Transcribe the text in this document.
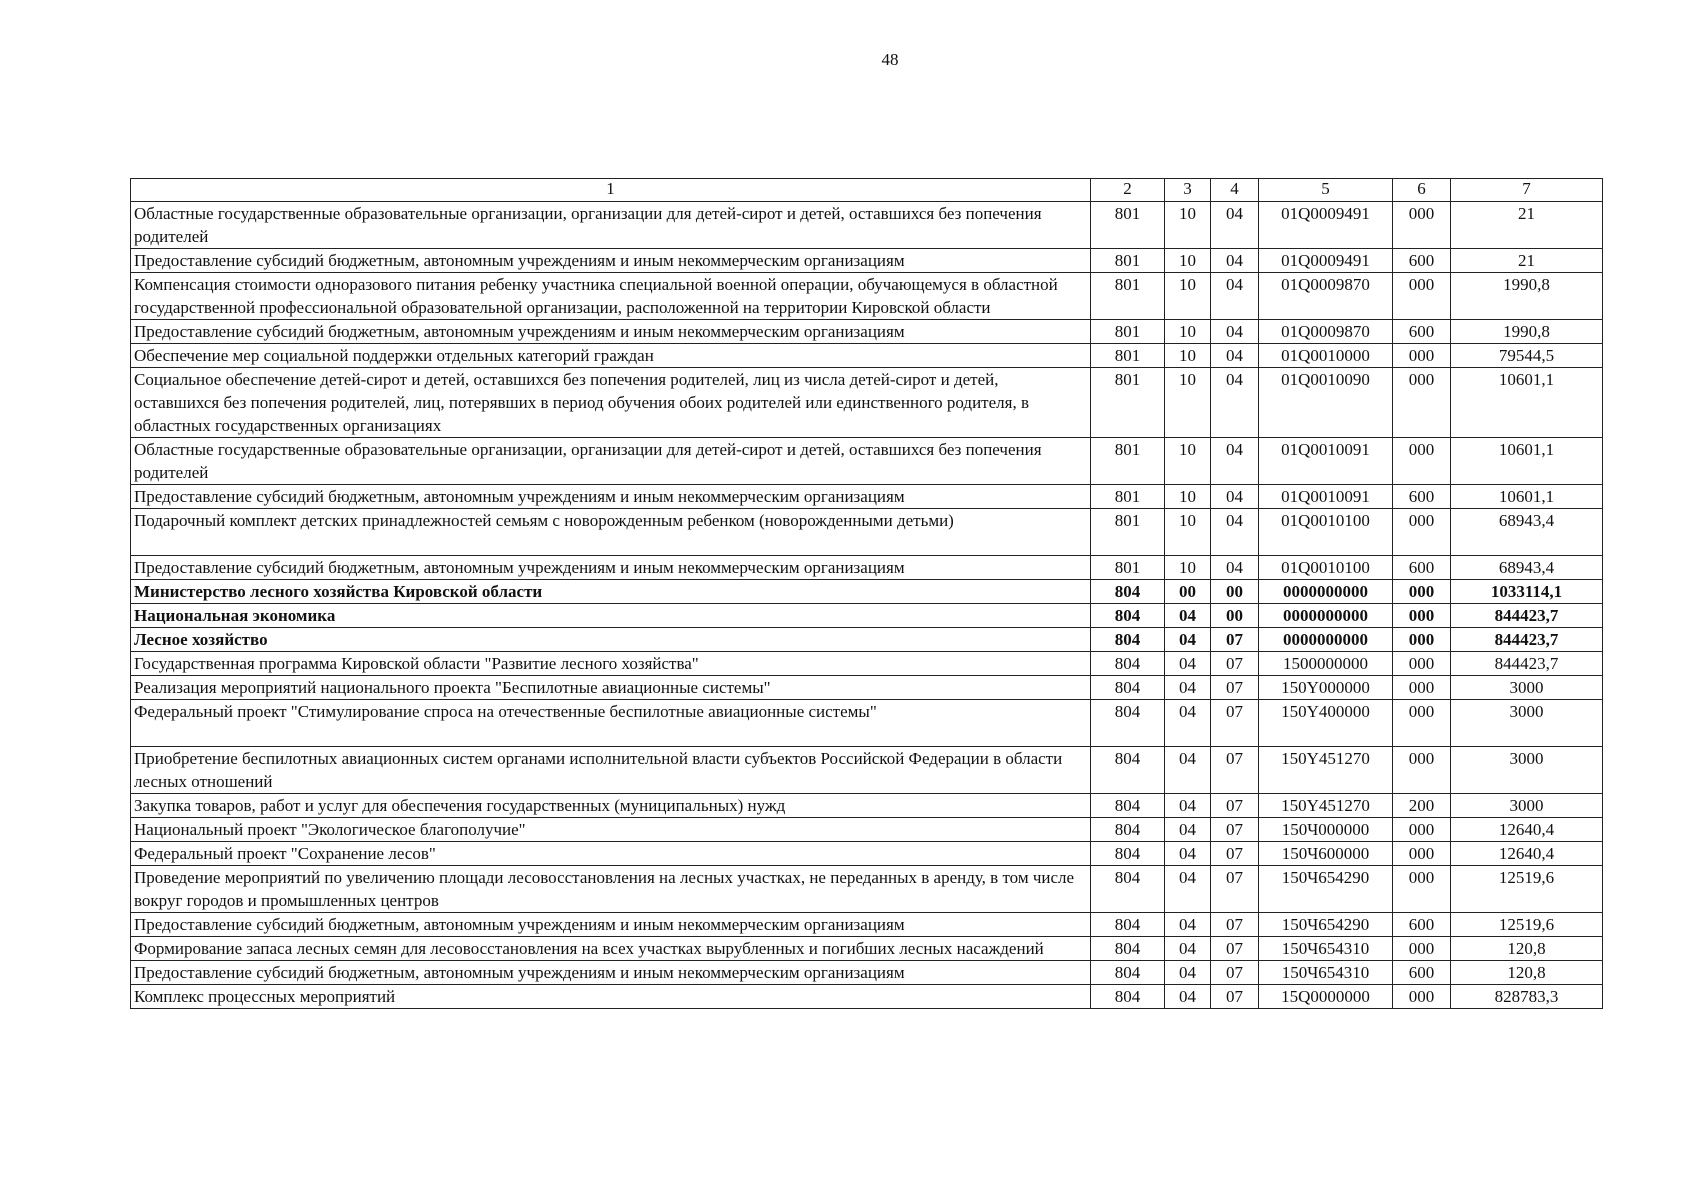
48
1	2	3	4	5	6	7
Областные государственные образовательные организации, организации для детей-сирот и детей, оставшихся без попечения родителей	801	10	04	01Q0009491	000	21
Предоставление субсидий бюджетным, автономным учреждениям и иным некоммерческим организациям	801	10	04	01Q0009491	600	21
Компенсация стоимости одноразового питания ребенку участника специальной военной операции, обучающемуся в областной государственной профессиональной образовательной организации, расположенной на территории Кировской области	801	10	04	01Q0009870	000	1990,8
Предоставление субсидий бюджетным, автономным учреждениям и иным некоммерческим организациям	801	10	04	01Q0009870	600	1990,8
Обеспечение мер социальной поддержки отдельных категорий граждан	801	10	04	01Q0010000	000	79544,5
Социальное обеспечение детей-сирот и детей, оставшихся без попечения родителей, лиц из числа детей-сирот и детей, оставшихся без попечения родителей, лиц, потерявших в период обучения обоих родителей или единственного родителя, в областных государственных организациях	801	10	04	01Q0010090	000	10601,1
Областные государственные образовательные организации, организации для детей-сирот и детей, оставшихся без попечения родителей	801	10	04	01Q0010091	000	10601,1
Предоставление субсидий бюджетным, автономным учреждениям и иным некоммерческим организациям	801	10	04	01Q0010091	600	10601,1
Подарочный комплект детских принадлежностей семьям с новорожденным ребенком (новорожденными детьми)	801	10	04	01Q0010100	000	68943,4
Предоставление субсидий бюджетным, автономным учреждениям и иным некоммерческим организациям	801	10	04	01Q0010100	600	68943,4
Министерство лесного хозяйства Кировской области	804	00	00	0000000000	000	1033114,1
Национальная экономика	804	04	00	0000000000	000	844423,7
Лесное хозяйство	804	04	07	0000000000	000	844423,7
Государственная программа Кировской области "Развитие лесного хозяйства"	804	04	07	1500000000	000	844423,7
Реализация мероприятий национального проекта "Беспилотные авиационные системы"	804	04	07	150Y000000	000	3000
Федеральный проект "Стимулирование спроса на отечественные беспилотные авиационные системы"	804	04	07	150Y400000	000	3000
Приобретение беспилотных авиационных систем органами исполнительной власти субъектов Российской Федерации в области лесных отношений	804	04	07	150Y451270	000	3000
Закупка товаров, работ и услуг для обеспечения государственных (муниципальных) нужд	804	04	07	150Y451270	200	3000
Национальный проект "Экологическое благополучие"	804	04	07	150Ч000000	000	12640,4
Федеральный проект "Сохранение лесов"	804	04	07	150Ч600000	000	12640,4
Проведение мероприятий по увеличению площади лесовосстановления на лесных участках, не переданных в аренду, в том числе вокруг городов и промышленных центров	804	04	07	150Ч654290	000	12519,6
Предоставление субсидий бюджетным, автономным учреждениям и иным некоммерческим организациям	804	04	07	150Ч654290	600	12519,6
Формирование запаса лесных семян для лесовосстановления на всех участках вырубленных и погибших лесных насаждений	804	04	07	150Ч654310	000	120,8
Предоставление субсидий бюджетным, автономным учреждениям и иным некоммерческим организациям	804	04	07	150Ч654310	600	120,8
Комплекс процессных мероприятий	804	04	07	15Q0000000	000	828783,3
